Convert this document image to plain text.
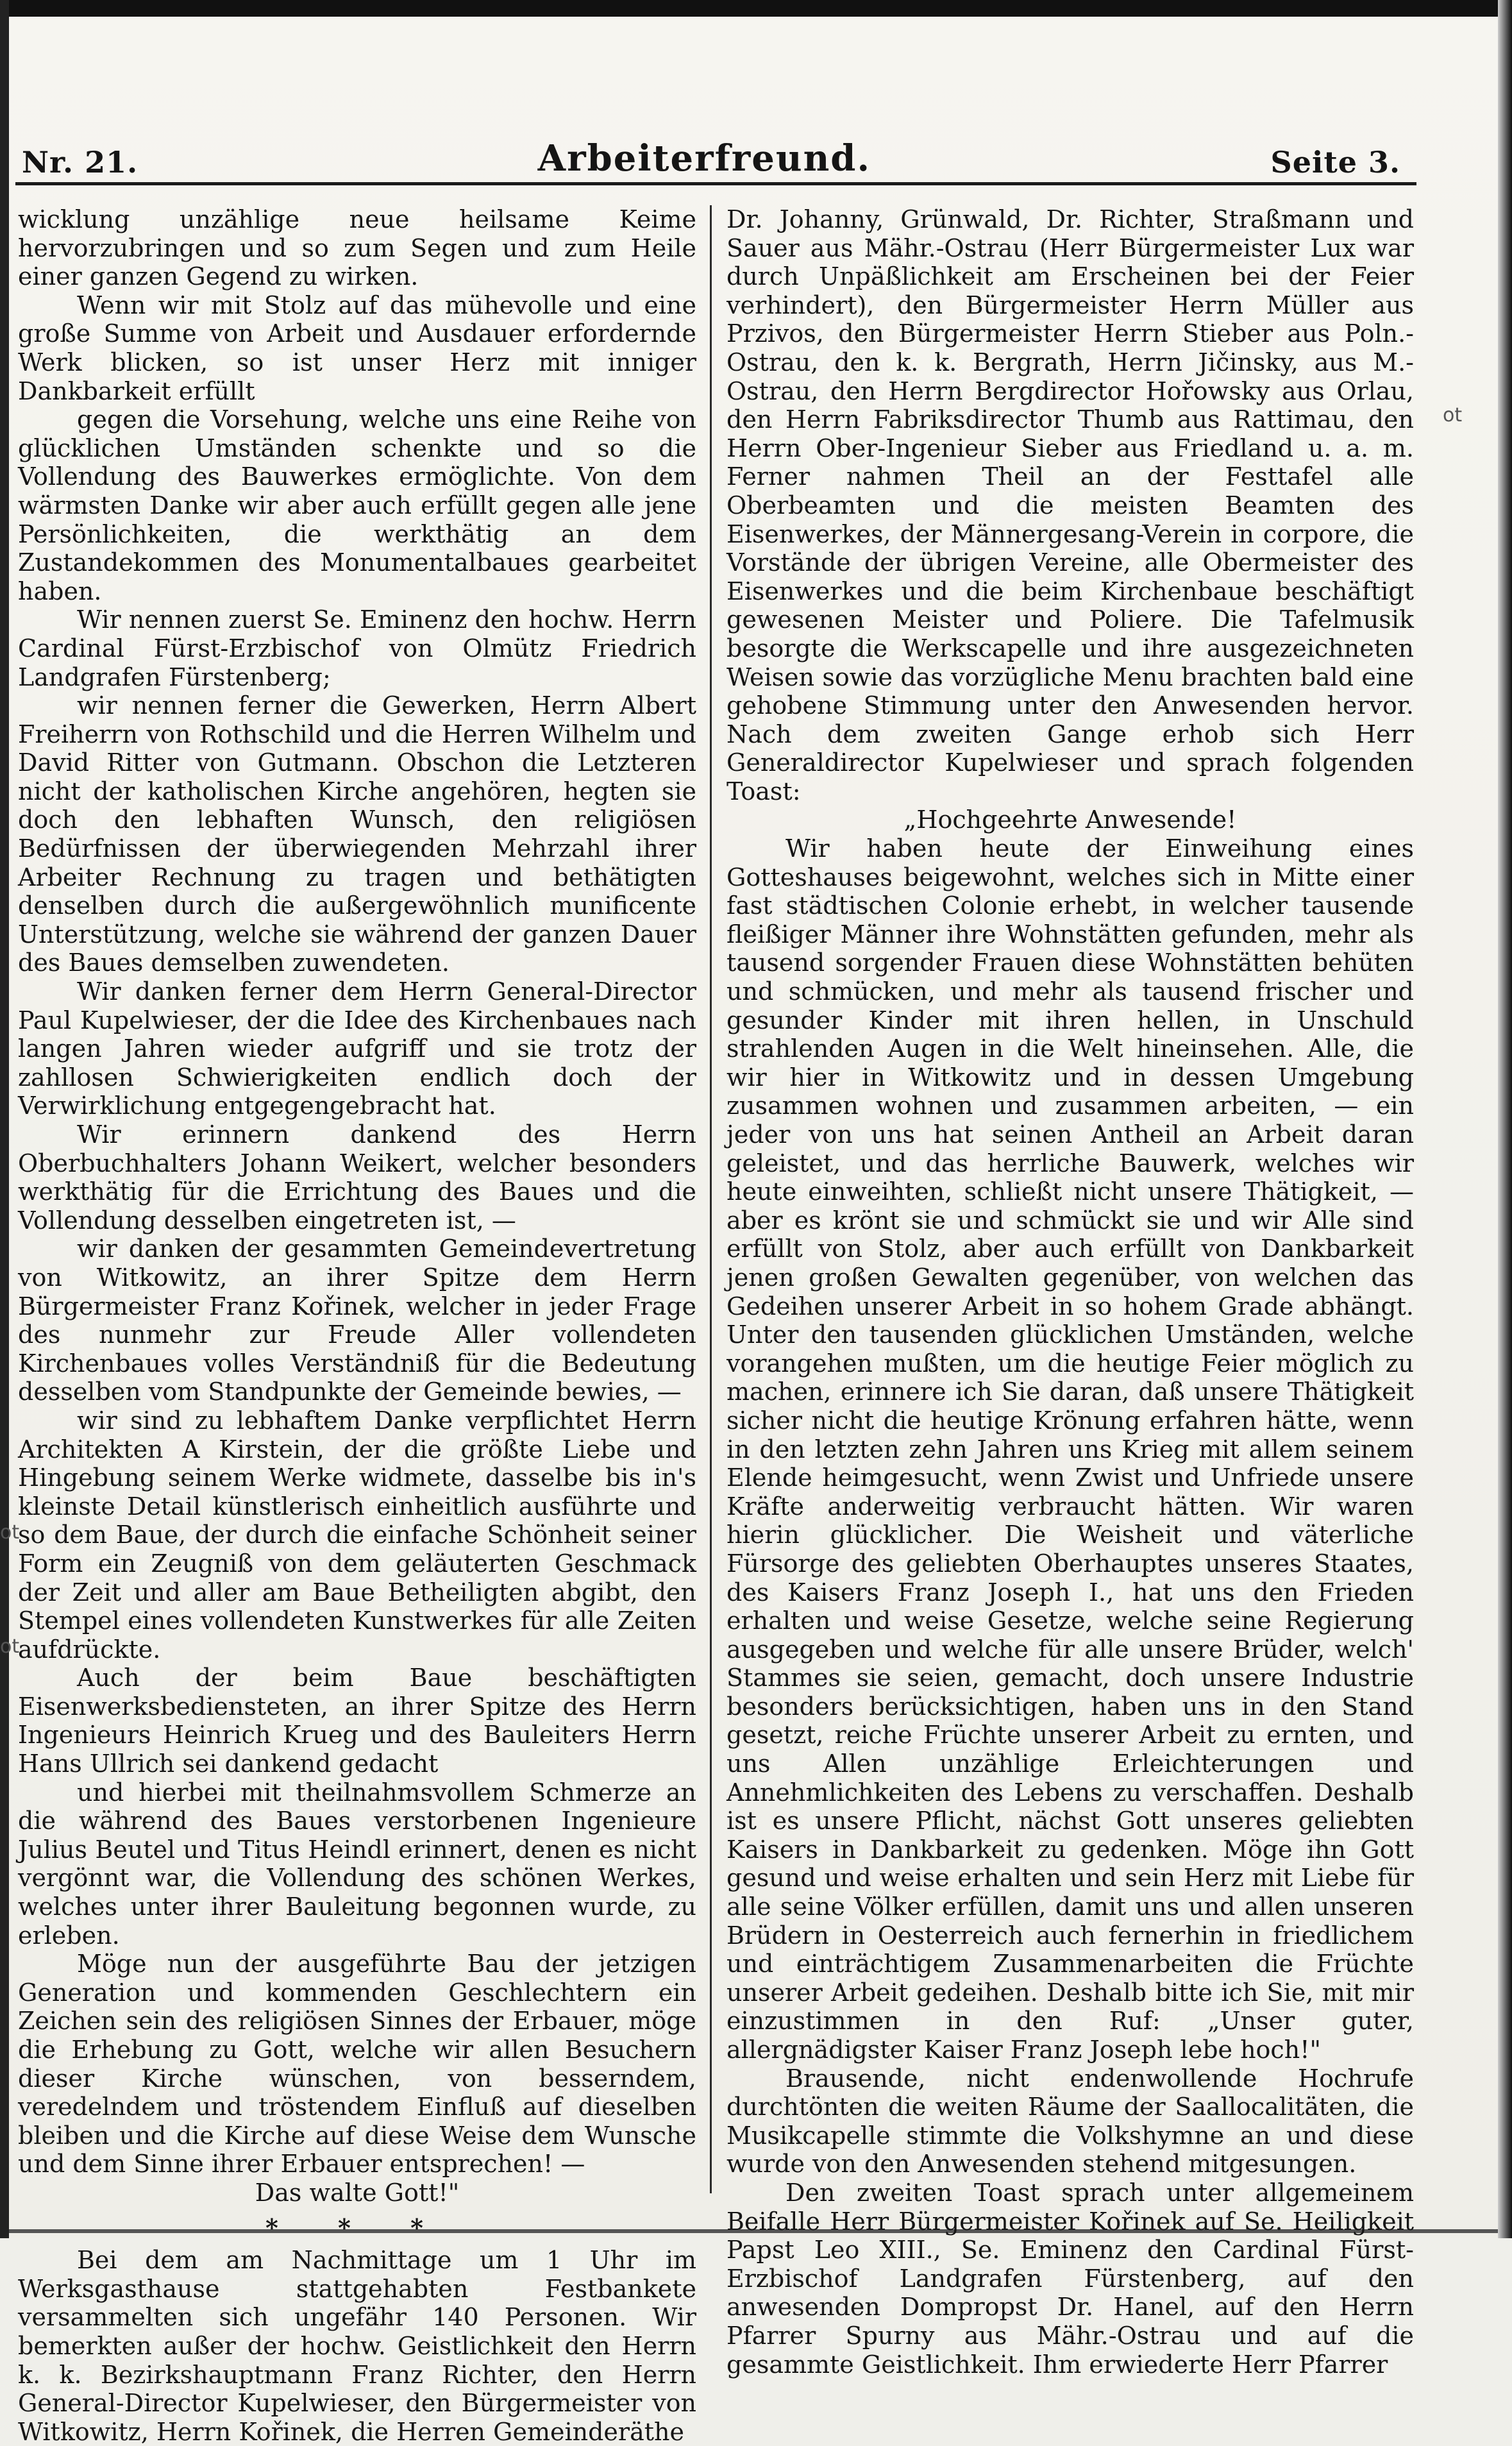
Nr. 21.	Arbeiterfreund.	Seite 3.

wicklung unzählige neue heilsame Keime hervorzubringen und so zum Segen und zum Heile einer ganzen Gegend zu wirken.

Wenn wir mit Stolz auf das mühevolle und eine große Summe von Arbeit und Ausdauer erfordernde Werk blicken, so ist unser Herz mit inniger Dankbarkeit erfüllt

gegen die Vorsehung, welche uns eine Reihe von glücklichen Umständen schenkte und so die Vollendung des Bauwerkes ermöglichte. Von dem wärmsten Danke wir aber auch erfüllt gegen alle jene Persönlichkeiten, die werkthätig an dem Zustandekommen des Monumentalbaues gearbeitet haben.

Wir nennen zuerst Se. Eminenz den hochw. Herrn Cardinal Fürst-Erzbischof von Olmütz Friedrich Landgrafen Fürstenberg;

wir nennen ferner die Gewerken, Herrn Albert Freiherrn von Rothschild und die Herren Wilhelm und David Ritter von Gutmann. Obschon die Letzteren nicht der katholischen Kirche angehören, hegten sie doch den lebhaften Wunsch, den religiösen Bedürfnissen der überwiegenden Mehrzahl ihrer Arbeiter Rechnung zu tragen und bethätigten denselben durch die außergewöhnlich munificente Unterstützung, welche sie während der ganzen Dauer des Baues demselben zuwendeten.

Wir danken ferner dem Herrn General-Director Paul Kupelwieser, der die Idee des Kirchenbaues nach langen Jahren wieder aufgriff und sie trotz der zahllosen Schwierigkeiten endlich doch der Verwirklichung entgegengebracht hat.

Wir erinnern dankend des Herrn Oberbuchhalters Johann Weikert, welcher besonders werkthätig für die Errichtung des Baues und die Vollendung desselben eingetreten ist, —

wir danken der gesammten Gemeindevertretung von Witkowitz, an ihrer Spitze dem Herrn Bürgermeister Franz Kořinek, welcher in jeder Frage des nunmehr zur Freude Aller vollendeten Kirchenbaues volles Verständniß für die Bedeutung desselben vom Standpunkte der Gemeinde bewies, —

wir sind zu lebhaftem Danke verpflichtet Herrn Architekten A Kirstein, der die größte Liebe und Hingebung seinem Werke widmete, dasselbe bis in's kleinste Detail künstlerisch einheitlich ausführte und so dem Baue, der durch die einfache Schönheit seiner Form ein Zeugniß von dem geläuterten Geschmack der Zeit und aller am Baue Betheiligten abgibt, den Stempel eines vollendeten Kunstwerkes für alle Zeiten aufdrückte.

Auch der beim Baue beschäftigten Eisenwerksbediensteten, an ihrer Spitze des Herrn Ingenieurs Heinrich Krueg und des Bauleiters Herrn Hans Ullrich sei dankend gedacht

und hierbei mit theilnahmsvollem Schmerze an die während des Baues verstorbenen Ingenieure Julius Beutel und Titus Heindl erinnert, denen es nicht vergönnt war, die Vollendung des schönen Werkes, welches unter ihrer Bauleitung begonnen wurde, zu erleben.

Möge nun der ausgeführte Bau der jetzigen Generation und kommenden Geschlechtern ein Zeichen sein des religiösen Sinnes der Erbauer, möge die Erhebung zu Gott, welche wir allen Besuchern dieser Kirche wünschen, von besserndem, veredelndem und tröstendem Einfluß auf dieselben bleiben und die Kirche auf diese Weise dem Wunsche und dem Sinne ihrer Erbauer entsprechen! —

Das walte Gott!"

* * *

Bei dem am Nachmittage um 1 Uhr im Werksgasthause stattgehabten Festbankete versammelten sich ungefähr 140 Personen. Wir bemerkten außer der hochw. Geistlichkeit den Herrn k. k. Bezirkshauptmann Franz Richter, den Herrn General-Director Kupelwieser, den Bürgermeister von Witkowitz, Herrn Kořinek, die Herren Gemeinderäthe

Dr. Johanny, Grünwald, Dr. Richter, Straßmann und Sauer aus Mähr.-Ostrau (Herr Bürgermeister Lux war durch Unpäßlichkeit am Erscheinen bei der Feier verhindert), den Bürgermeister Herrn Müller aus Przivos, den Bürgermeister Herrn Stieber aus Poln.-Ostrau, den k. k. Bergrath, Herrn Jičinsky, aus M.-Ostrau, den Herrn Bergdirector Hořowsky aus Orlau, den Herrn Fabriksdirector Thumb aus Rattimau, den Herrn Ober-Ingenieur Sieber aus Friedland u. a. m. Ferner nahmen Theil an der Festtafel alle Oberbeamten und die meisten Beamten des Eisenwerkes, der Männergesang-Verein in corpore, die Vorstände der übrigen Vereine, alle Obermeister des Eisenwerkes und die beim Kirchenbaue beschäftigt gewesenen Meister und Poliere. Die Tafelmusik besorgte die Werkscapelle und ihre ausgezeichneten Weisen sowie das vorzügliche Menu brachten bald eine gehobene Stimmung unter den Anwesenden hervor. Nach dem zweiten Gange erhob sich Herr Generaldirector Kupelwieser und sprach folgenden Toast:

„Hochgeehrte Anwesende!

Wir haben heute der Einweihung eines Gotteshauses beigewohnt, welches sich in Mitte einer fast städtischen Colonie erhebt, in welcher tausende fleißiger Männer ihre Wohnstätten gefunden, mehr als tausend sorgender Frauen diese Wohnstätten behüten und schmücken, und mehr als tausend frischer und gesunder Kinder mit ihren hellen, in Unschuld strahlenden Augen in die Welt hineinsehen. Alle, die wir hier in Witkowitz und in dessen Umgebung zusammen wohnen und zusammen arbeiten, — ein jeder von uns hat seinen Antheil an Arbeit daran geleistet, und das herrliche Bauwerk, welches wir heute einweihten, schließt nicht unsere Thätigkeit, — aber es krönt sie und schmückt sie und wir Alle sind erfüllt von Stolz, aber auch erfüllt von Dankbarkeit jenen großen Gewalten gegenüber, von welchen das Gedeihen unserer Arbeit in so hohem Grade abhängt. Unter den tausenden glücklichen Umständen, welche vorangehen mußten, um die heutige Feier möglich zu machen, erinnere ich Sie daran, daß unsere Thätigkeit sicher nicht die heutige Krönung erfahren hätte, wenn in den letzten zehn Jahren uns Krieg mit allem seinem Elende heimgesucht, wenn Zwist und Unfriede unsere Kräfte anderweitig verbraucht hätten. Wir waren hierin glücklicher. Die Weisheit und väterliche Fürsorge des geliebten Oberhauptes unseres Staates, des Kaisers Franz Joseph I., hat uns den Frieden erhalten und weise Gesetze, welche seine Regierung ausgegeben und welche für alle unsere Brüder, welch' Stammes sie seien, gemacht, doch unsere Industrie besonders berücksichtigen, haben uns in den Stand gesetzt, reiche Früchte unserer Arbeit zu ernten, und uns Allen unzählige Erleichterungen und Annehmlichkeiten des Lebens zu verschaffen. Deshalb ist es unsere Pflicht, nächst Gott unseres geliebten Kaisers in Dankbarkeit zu gedenken. Möge ihn Gott gesund und weise erhalten und sein Herz mit Liebe für alle seine Völker erfüllen, damit uns und allen unseren Brüdern in Oesterreich auch fernerhin in friedlichem und einträchtigem Zusammenarbeiten die Früchte unserer Arbeit gedeihen. Deshalb bitte ich Sie, mit mir einzustimmen in den Ruf: „Unser guter, allergnädigster Kaiser Franz Joseph lebe hoch!"

Brausende, nicht endenwollende Hochrufe durchtönten die weiten Räume der Saallocalitäten, die Musikcapelle stimmte die Volkshymne an und diese wurde von den Anwesenden stehend mitgesungen.

Den zweiten Toast sprach unter allgemeinem Beifalle Herr Bürgermeister Kořinek auf Se. Heiligkeit Papst Leo XIII., Se. Eminenz den Cardinal Fürst-Erzbischof Landgrafen Fürstenberg, auf den anwesenden Dompropst Dr. Hanel, auf den Herrn Pfarrer Spurny aus Mähr.-Ostrau und auf die gesammte Geistlichkeit. Ihm erwiederte Herr Pfarrer

ot
ot
ot
